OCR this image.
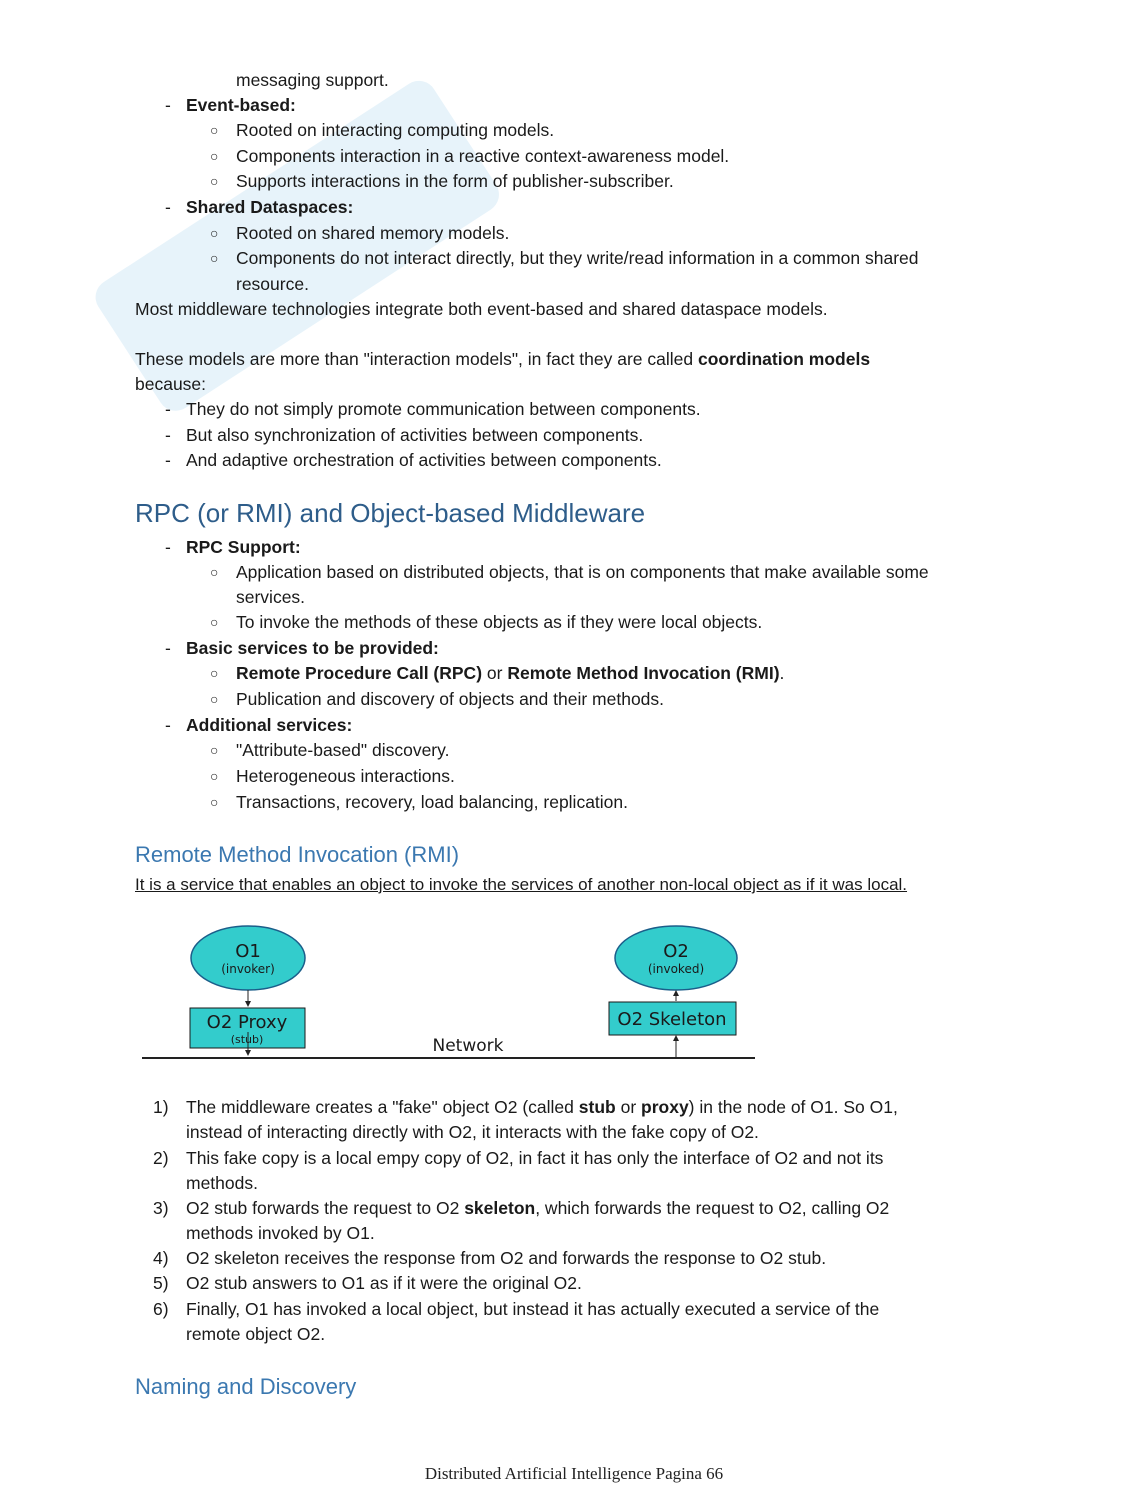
messaging support.
- Event-based:
○ Rooted on interacting computing models.
○ Components interaction in a reactive context-awareness model.
○ Supports interactions in the form of publisher-subscriber.
- Shared Dataspaces:
○ Rooted on shared memory models.
○ Components do not interact directly, but they write/read information in a common shared
resource.
Most middleware technologies integrate both event-based and shared dataspace models.
These models are more than "interaction models", in fact they are called coordination models
because:
- They do not simply promote communication between components.
- But also synchronization of activities between components.
- And adaptive orchestration of activities between components.
RPC (or RMI) and Object-based Middleware
- RPC Support:
○ Application based on distributed objects, that is on components that make available some
services.
○ To invoke the methods of these objects as if they were local objects.
- Basic services to be provided:
○ Remote Procedure Call (RPC) or Remote Method Invocation (RMI).
○ Publication and discovery of objects and their methods.
- Additional services:
○ "Attribute-based" discovery.
○ Heterogeneous interactions.
○ Transactions, recovery, load balancing, replication.
Remote Method Invocation (RMI)
It is a service that enables an object to invoke the services of another non-local object as if it was local.
O1
(invoker)
O2 Proxy
(stub)
O2
(invoked)
O2 Skeleton
Network
1) The middleware creates a "fake" object O2 (called stub or proxy) in the node of O1. So O1,
instead of interacting directly with O2, it interacts with the fake copy of O2.
2) This fake copy is a local empy copy of O2, in fact it has only the interface of O2 and not its
methods.
3) O2 stub forwards the request to O2 skeleton, which forwards the request to O2, calling O2
methods invoked by O1.
4) O2 skeleton receives the response from O2 and forwards the response to O2 stub.
5) O2 stub answers to O1 as if it were the original O2.
6) Finally, O1 has invoked a local object, but instead it has actually executed a service of the
remote object O2.
Naming and Discovery
Distributed Artificial Intelligence Pagina 66
